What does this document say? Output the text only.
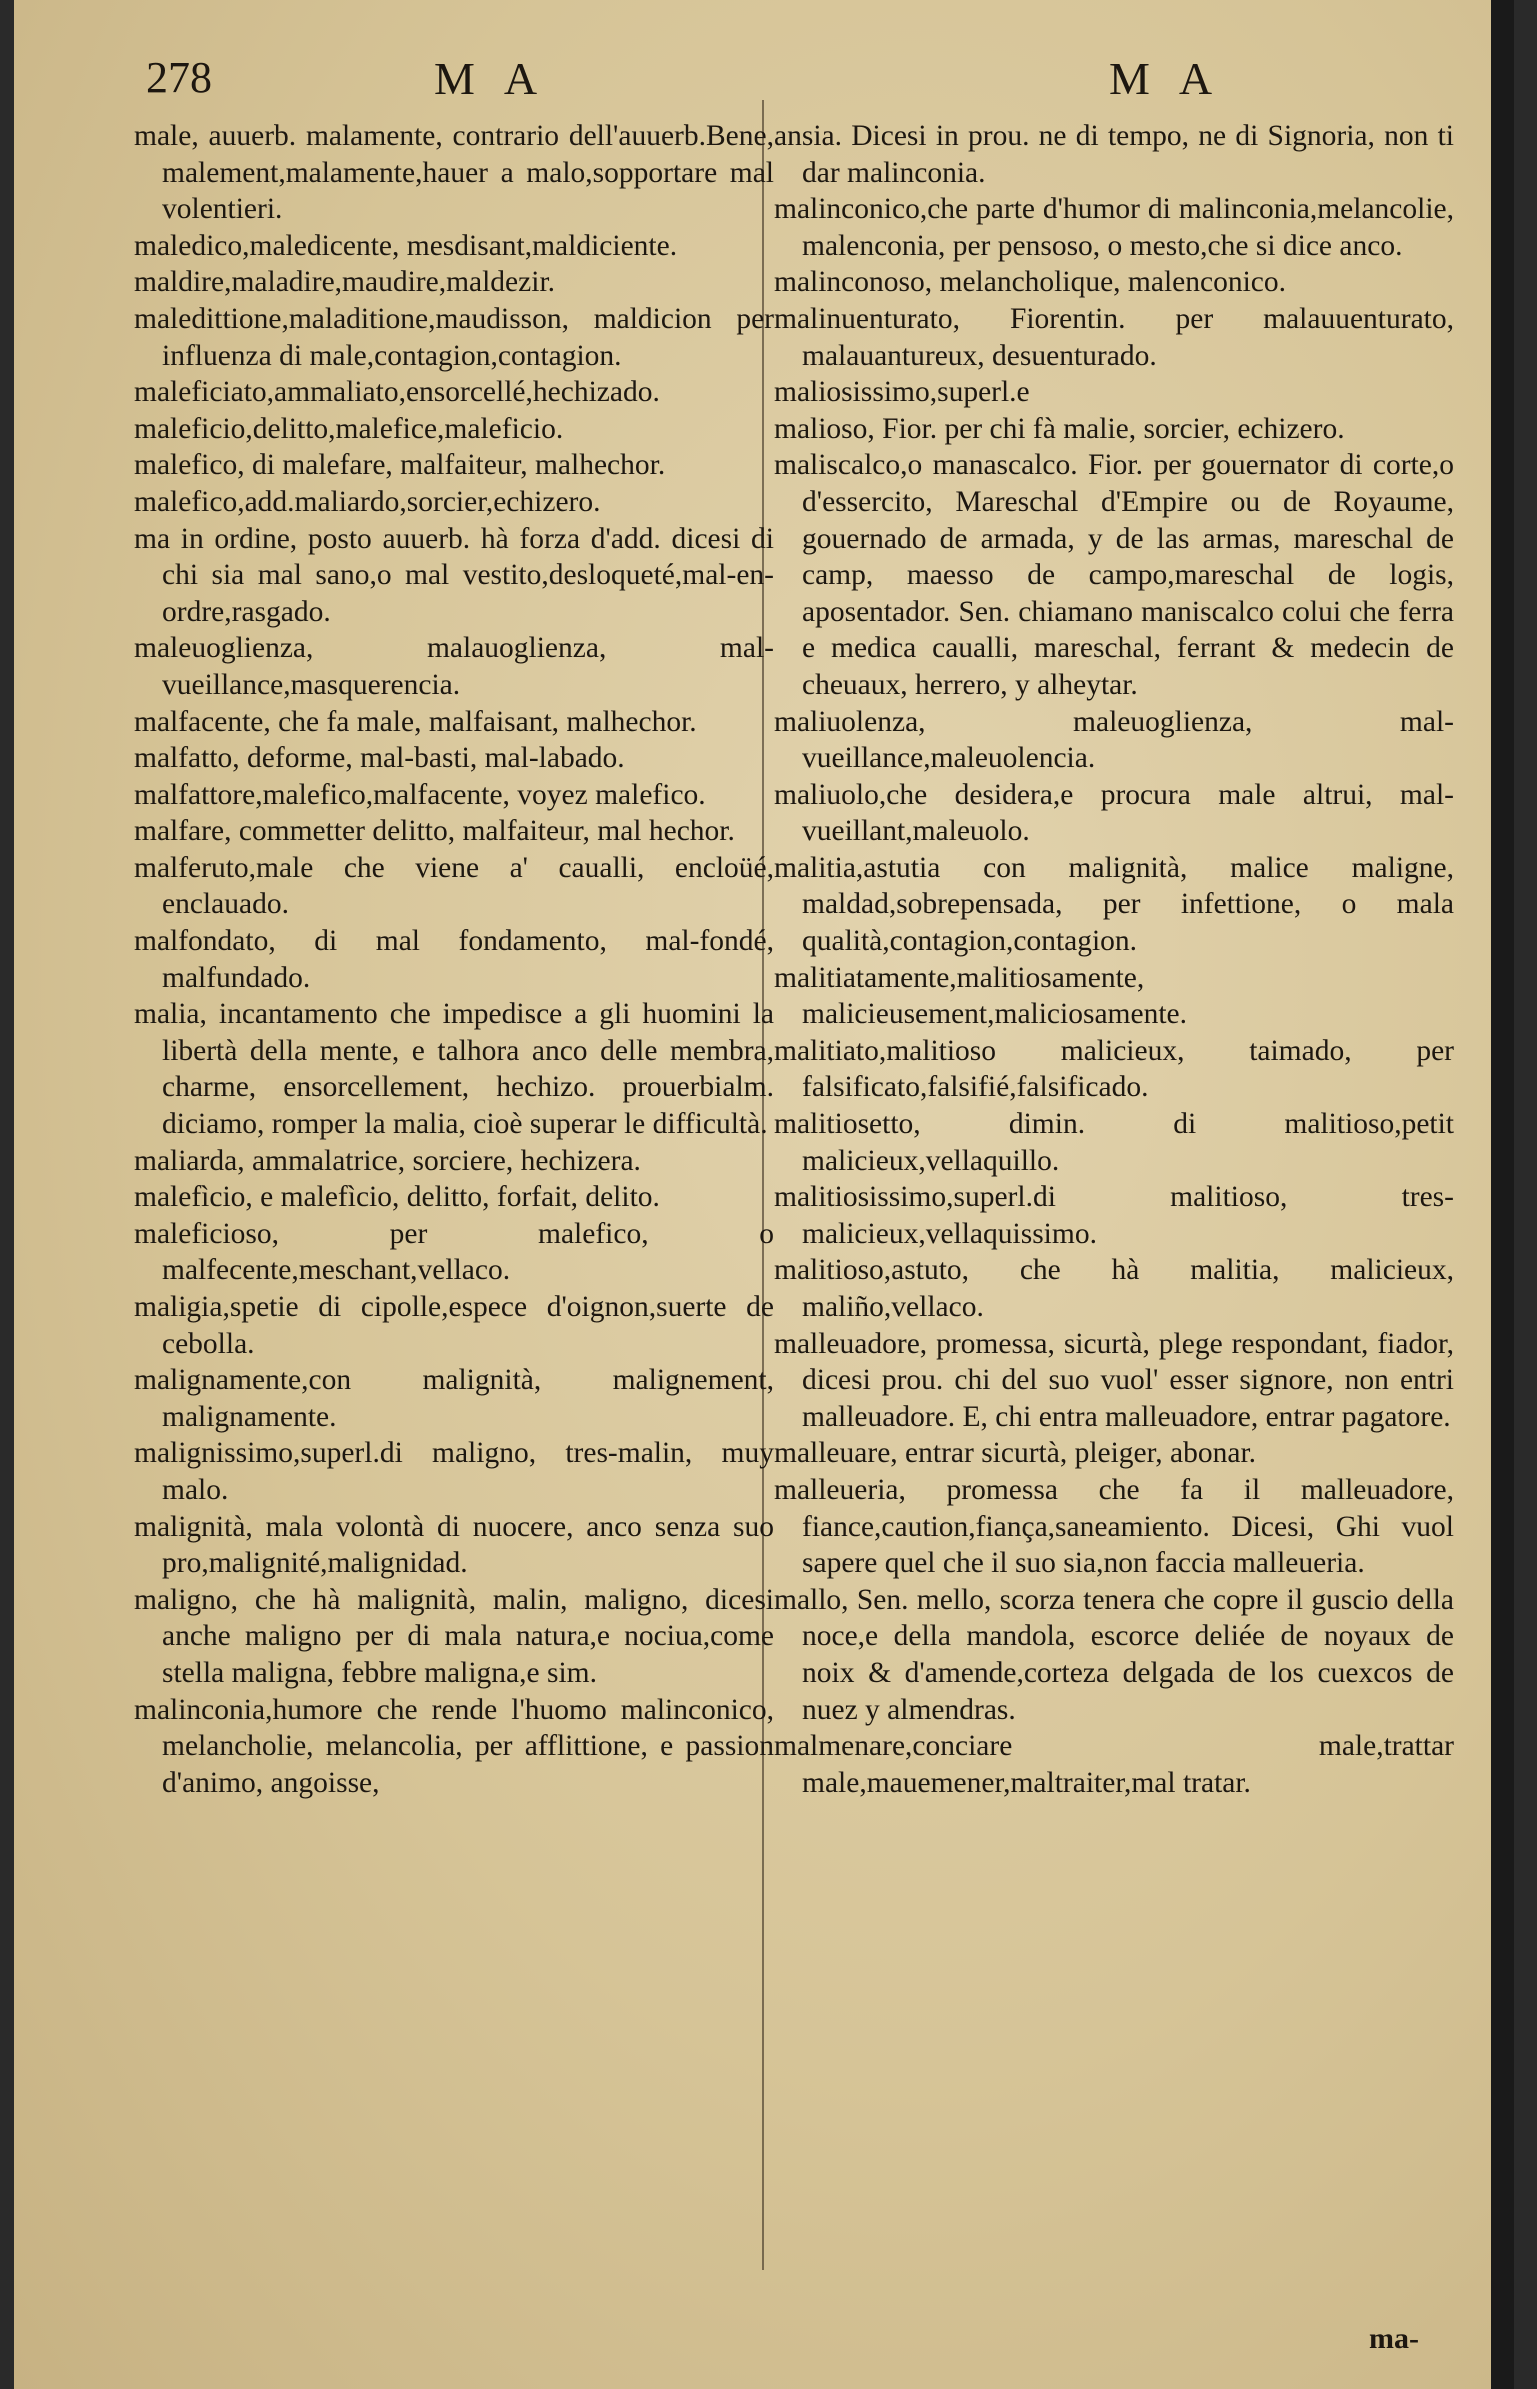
278	M A	M A

male, auuerb. malamente, contrario dell'auuerb.Bene, malement,malamente,hauer a malo,sopportare mal volentieri.

maledico,maledicente, mesdisant,maldiciente.

maldire,maladire,maudire,maldezir.

maledittione,maladitione,maudisson, maldicion per influenza di male,contagion,contagion.

maleficiato,ammaliato,ensorcellé,hechizado.

maleficio,delitto,malefice,maleficio.

malefico, di malefare, malfaiteur, malhechor.

malefico,add.maliardo,sorcier,echizero.

ma in ordine, posto auuerb. hà forza d'add. dicesi di chi sia mal sano,o mal vestito,desloqueté,mal-en-ordre,rasgado.

maleuoglienza, malauoglienza, mal-vueillance,masquerencia.

malfacente, che fa male, malfaisant, malhechor.

malfatto, deforme, mal-basti, mal-labado.

malfattore,malefico,malfacente, voyez malefico.

malfare, commetter delitto, malfaiteur, mal hechor.

malferuto,male che viene a' caualli, encloüé, enclauado.

malfondato, di mal fondamento, mal-fondé, malfundado.

malia, incantamento che impedisce a gli huomini la libertà della mente, e talhora anco delle membra, charme, ensorcellement, hechizo. prouerbialm. diciamo, romper la malia, cioè superar le difficultà.

maliarda, ammalatrice, sorciere, hechizera.

malefìcio, e malefìcio, delitto, forfait, delito.

maleficioso, per malefico, o malfecente,meschant,vellaco.

maligia,spetie di cipolle,espece d'oignon,suerte de cebolla.

malignamente,con malignità, malignement, malignamente.

malignissimo,superl.di maligno, tres-malin, muy malo.

malignità, mala volontà di nuocere, anco senza suo pro,malignité,malignidad.

maligno, che hà malignità, malin, maligno, dicesi anche maligno per di mala natura,e nociua,come stella maligna, febbre maligna,e sim.

malinconia,humore che rende l'huomo malinconico, melancholie, melancolia, per afflittione, e passion d'animo, angoisse,

ansia. Dicesi in prou. ne di tempo, ne di Signoria, non ti dar malinconia.

malinconico,che parte d'humor di malinconia,melancolie, malenconia, per pensoso, o mesto,che si dice anco.

malinconoso, melancholique, malenconico.

malinuenturato, Fiorentin. per malauuenturato, malauantureux, desuenturado.

maliosissimo,superl.e

malioso, Fior. per chi fà malie, sorcier, echizero.

maliscalco,o manascalco. Fior. per gouernator di corte,o d'essercito, Mareschal d'Empire ou de Royaume, gouernado de armada, y de las armas, mareschal de camp, maesso de campo,mareschal de logis, aposentador. Sen. chiamano maniscalco colui che ferra e medica caualli, mareschal, ferrant & medecin de cheuaux, herrero, y alheytar.

maliuolenza, maleuoglienza, mal-vueillance,maleuolencia.

maliuolo,che desidera,e procura male altrui, mal-vueillant,maleuolo.

malitia,astutia con malignità, malice maligne, maldad,sobrepensada, per infettione, o mala qualità,contagion,contagion.

malitiatamente,malitiosamente, malicieusement,maliciosamente.

malitiato,malitioso malicieux, taimado, per falsificato,falsifié,falsificado.

malitiosetto, dimin. di malitioso,petit malicieux,vellaquillo.

malitiosissimo,superl.di malitioso, tres-malicieux,vellaquissimo.

malitioso,astuto, che hà malitia, malicieux, maliño,vellaco.

malleuadore, promessa, sicurtà, plege respondant, fiador, dicesi prou. chi del suo vuol' esser signore, non entri malleuadore. E, chi entra malleuadore, entrar pagatore.

malleuare, entrar sicurtà, pleiger, abonar.

malleueria, promessa che fa il malleuadore, fiance,caution,fiança,saneamiento. Dicesi, Ghi vuol sapere quel che il suo sia,non faccia malleueria.

mallo, Sen. mello, scorza tenera che copre il guscio della noce,e della mandola, escorce deliée de noyaux de noix & d'amende,corteza delgada de los cuexcos de nuez y almendras.

malmenare,conciare male,trattar male,mauemener,maltraiter,mal tratar.

ma-
